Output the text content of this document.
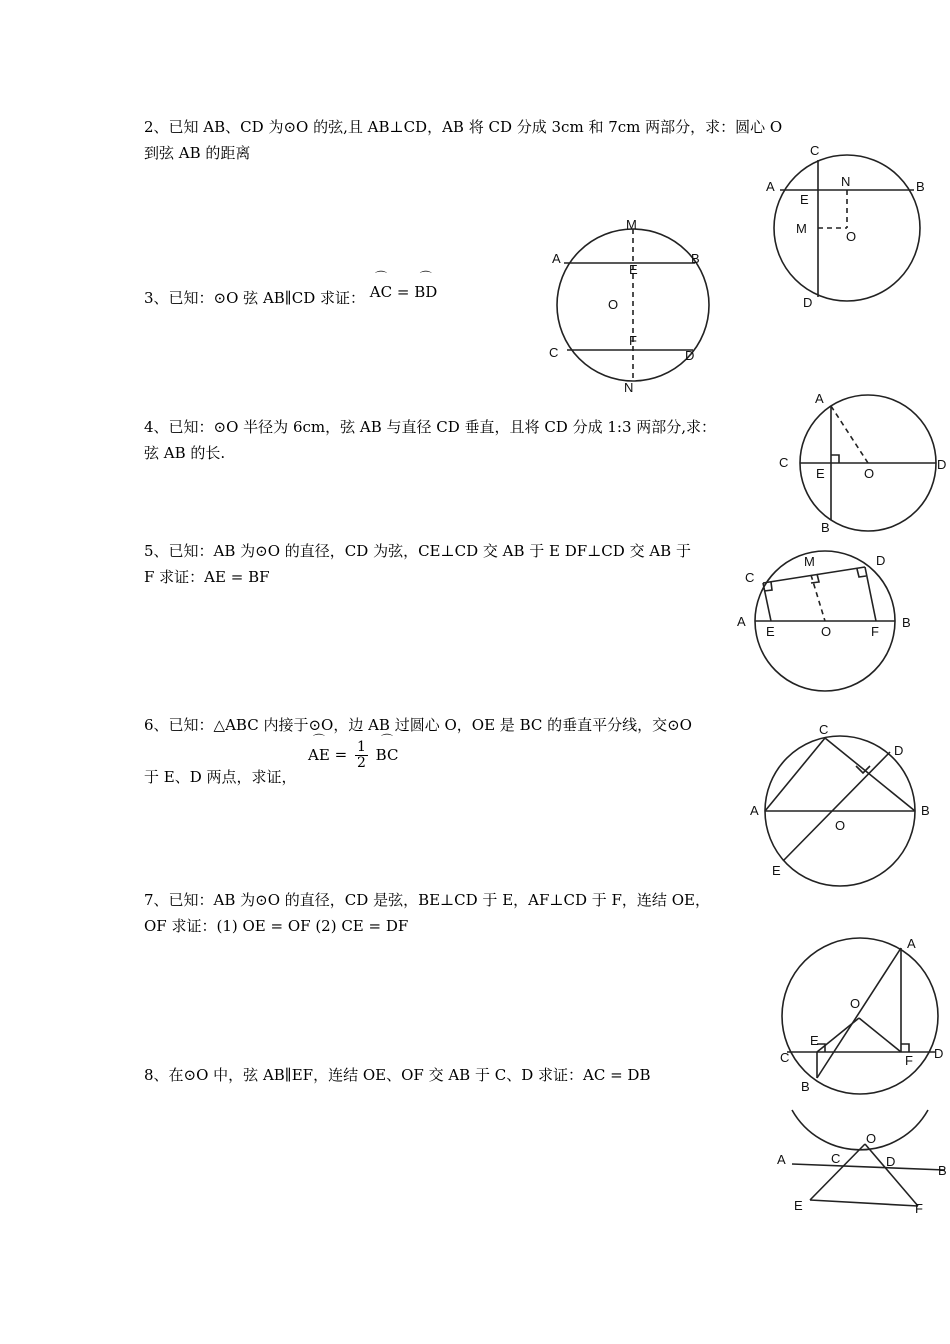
2、已知 AB、CD 为⊙O 的弦,且 AB⊥CD，AB 将 CD 分成 3cm 和 7cm 两部分，求：圆心 O
到弦 AB 的距离	C
A	N	B
E
M
O
D
3、已知：⊙O 弦 AB∥CD 求证： ⌒ AC = ⌒ BD
M
A	B
E
O
C
F
D
N
4、已知：⊙O 半径为 6cm，弦 AB 与直径 CD 垂直，且将 CD 分成 1:3 两部分,求：
弦 AB 的长.
A
C
E	O
D
B
5、已知：AB 为⊙O 的直径，CD 为弦，CE⊥CD 交 AB 于 E DF⊥CD 交 AB 于
F 求证：AE = BF
M	D
C
A
E	O	F
B
6、已知：△ABC 内接于⊙O，边 AB 过圆心 O，OE 是 BC 的垂直平分线，交⊙O
于 E、D 两点，求证，
⌒ AE = $\frac{1}{2}$ ⌒ BC
C
D
A	B
O
E
7、已知：AB 为⊙O 的直径，CD 是弦，BE⊥CD 于 E，AF⊥CD 于 F，连结 OE，
OF 求证：(1) OE = OF (2) CE = DF
A
O
E
C	F D
B
8、在⊙O 中，弦 AB∥EF，连结 OE、OF 交 AB 于 C、D 求证：AC = DB
O
A	C	D
B
E	F
